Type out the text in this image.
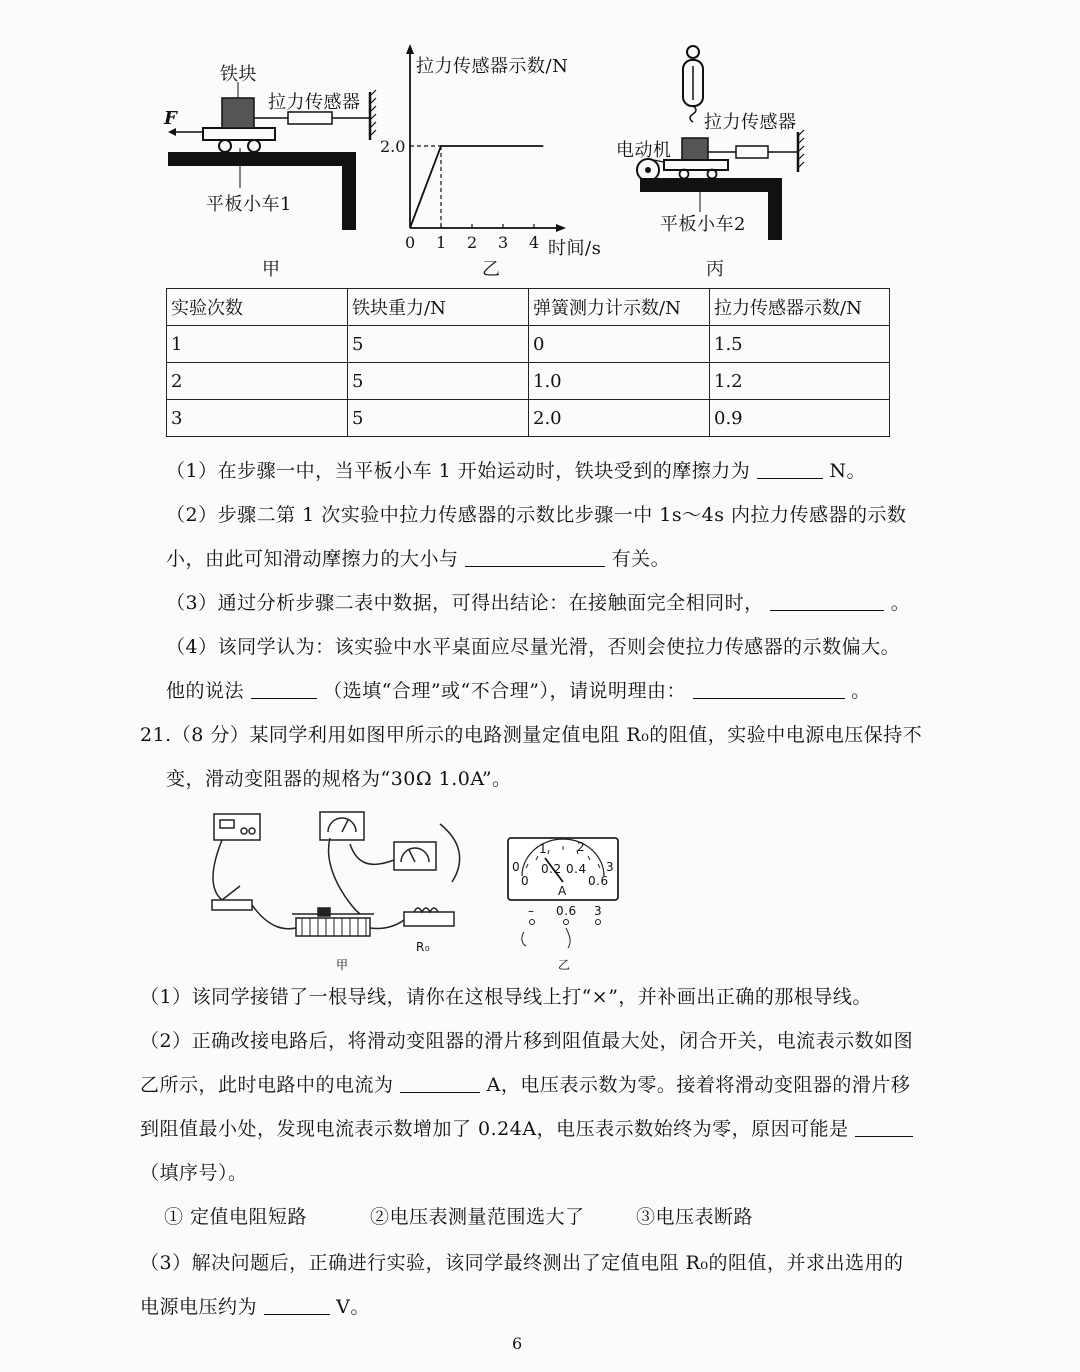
0 1 2 3 4
2.0
铁块
拉力传感器
F
平板小车1
甲
拉力传感器示数/N
时间/s
乙
拉力传感器
电动机
平板小车2
丙
实验次数	铁块重力/N	弹簧测力计示数/N	拉力传感器示数/N
1	5	0	1.5
2	5	1.0	1.2
3	5	2.0	0.9
（1）在步骤一中，当平板小车 1 开始运动时，铁块受到的摩擦力为	N。
（2）步骤二第 1 次实验中拉力传感器的示数比步骤一中 1s～4s 内拉力传感器的示数
小，由此可知滑动摩擦力的大小与	有关。
（3）通过分析步骤二表中数据，可得出结论：在接触面完全相同时，	。
（4）该同学认为：该实验中水平桌面应尽量光滑，否则会使拉力传感器的示数偏大。
他的说法	（选填“合理”或“不合理”），请说明理由：	。
21.（8 分）某同学利用如图甲所示的电路测量定值电阻 R₀的阻值，实验中电源电压保持不
变，滑动变阻器的规格为“30Ω 1.0A”。
R₀
甲	乙
0
1 2
3
0
0.2 0.4
0.6
A
– 0.6 3
（1）该同学接错了一根导线，请你在这根导线上打“×”，并补画出正确的那根导线。
（2）正确改接电路后，将滑动变阻器的滑片移到阻值最大处，闭合开关，电流表示数如图
乙所示，此时电路中的电流为	A，电压表示数为零。接着将滑动变阻器的滑片移
到阻值最小处，发现电流表示数增加了 0.24A，电压表示数始终为零，原因可能是
（填序号）。
① 定值电阻短路	②电压表测量范围选大了	③电压表断路
（3）解决问题后，正确进行实验，该同学最终测出了定值电阻 R₀的阻值，并求出选用的
电源电压约为	V。
6
